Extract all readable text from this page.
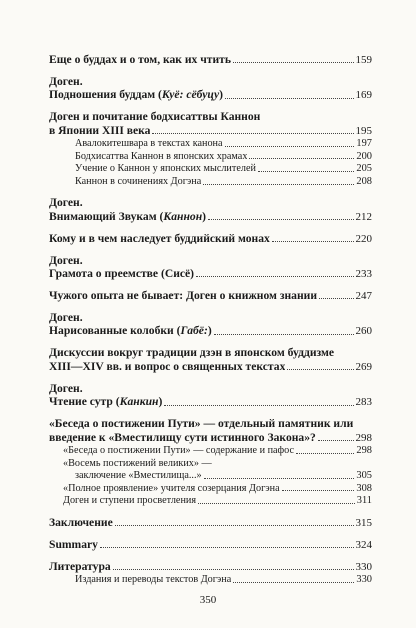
Еще о буддах и о том, как их чтить	159
Доген.
Подношения буддам (Куё: сёбуцу)	169
Доген и почитание бодхисаттвы Каннон
в Японии XIII века	195
Авалокитешвара в текстах канона	197
Бодхисаттва Каннон в японских храмах	200
Учение о Каннон у японских мыслителей	205
Каннон в сочинениях Догэна	208
Доген.
Внимающий Звукам (Каннон)	212
Кому и в чем наследует буддийский монах	220
Доген.
Грамота о преемстве (Сисё)	233
Чужого опыта не бывает: Доген о книжном знании	247
Доген.
Нарисованные колобки (Габё:)	260
Дискуссии вокруг традиции дзэн в японском буддизме
XIII—XIV вв. и вопрос о священных текстах	269
Доген.
Чтение сутр (Канкин)	283
«Беседа о постижении Пути» — отдельный памятник или
введение к «Вместилищу сути истинного Закона»?	298
«Беседа о постижении Пути» — содержание и пафос	298
«Восемь постижений великих» —
заключение «Вместилища...»	305
«Полное проявление» учителя созерцания Догэна	308
Доген и ступени просветления	311
Заключение	315
Summary	324
Литература	330
Издания и переводы текстов Догэна	330
350
